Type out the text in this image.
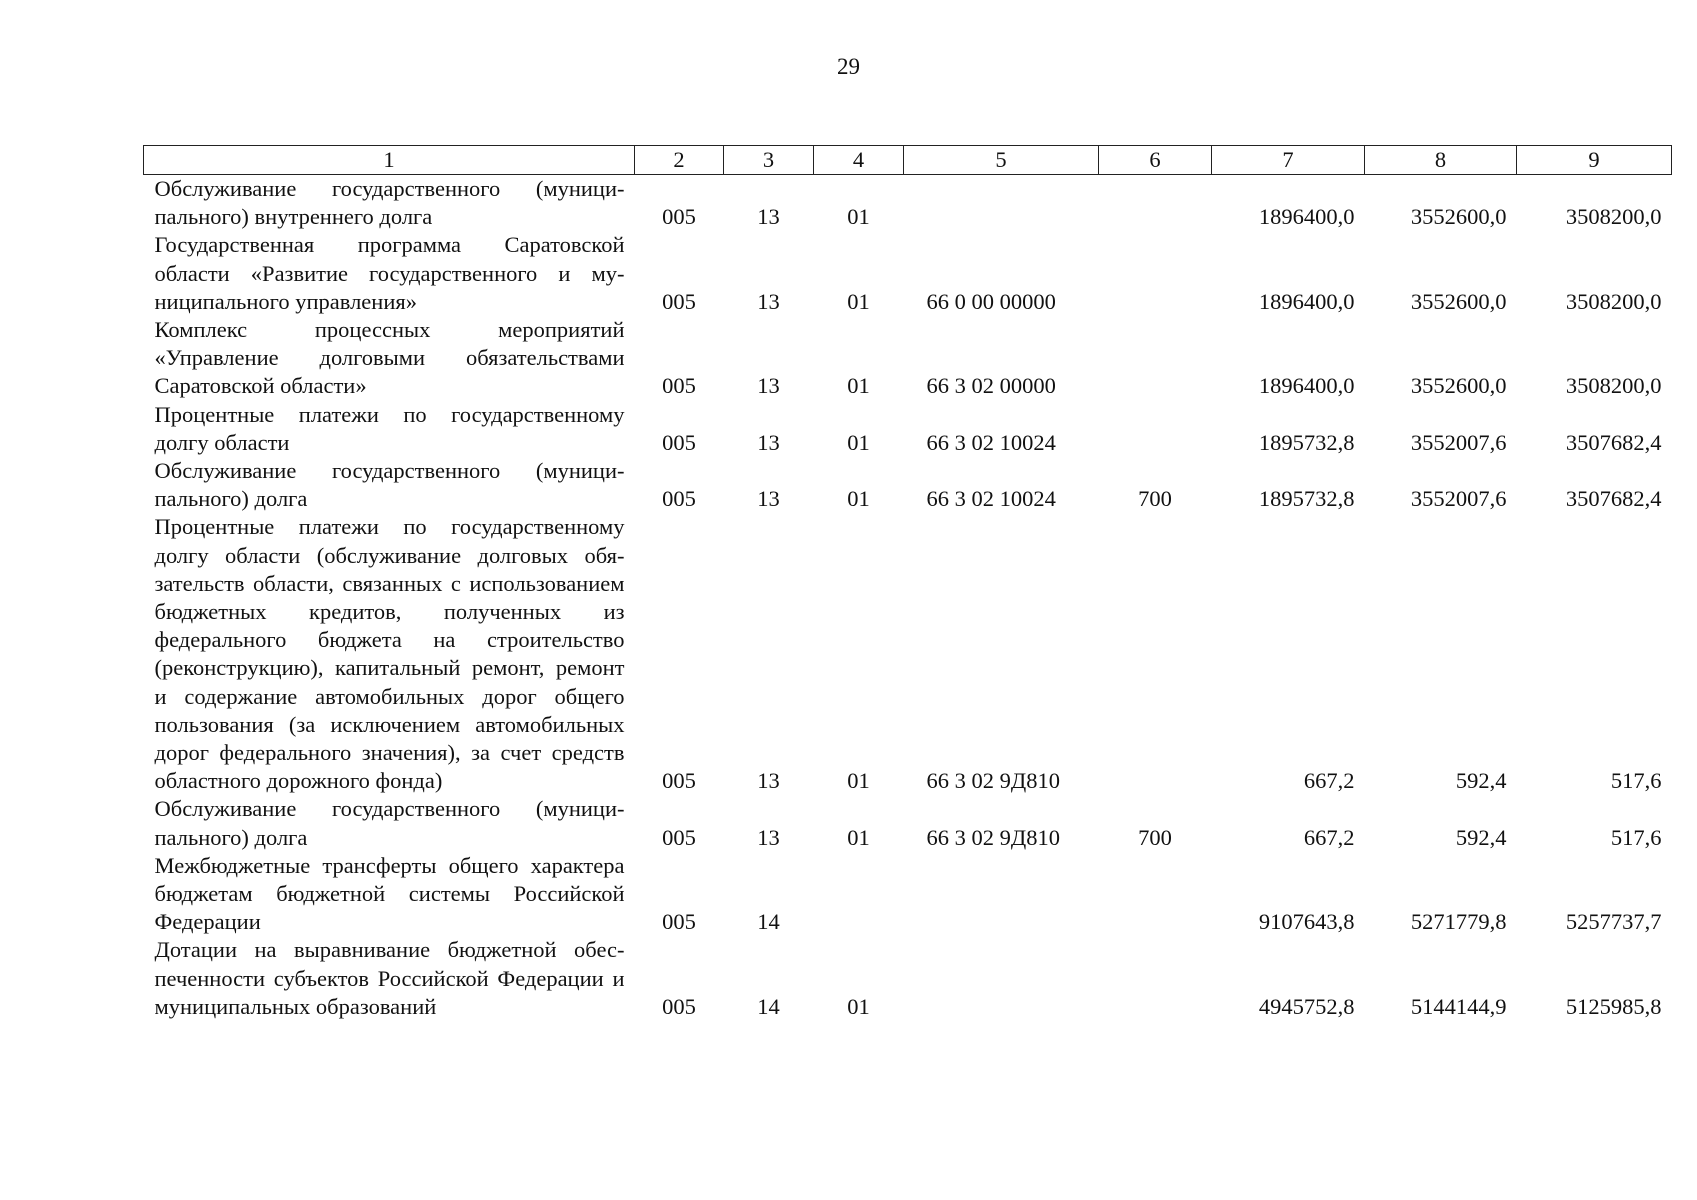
29
1	2	3	4	5	6	7	8	9
Обслуживание государственного (муниципального) внутреннего долга	005	13	01			1896400,0	3552600,0	3508200,0
Государственная программа Саратовской области «Развитие государственного и муниципального управления»	005	13	01	66 0 00 00000		1896400,0	3552600,0	3508200,0
Комплекс процессных мероприятий «Управление долговыми обязательствами Саратовской области»	005	13	01	66 3 02 00000		1896400,0	3552600,0	3508200,0
Процентные платежи по государственному долгу области	005	13	01	66 3 02 10024		1895732,8	3552007,6	3507682,4
Обслуживание государственного (муниципального) долга	005	13	01	66 3 02 10024	700	1895732,8	3552007,6	3507682,4
Процентные платежи по государственному долгу области (обслуживание долговых обязательств области, связанных с использованием бюджетных кредитов, полученных из федерального бюджета на строительство (реконструкцию), капитальный ремонт, ремонт и содержание автомобильных дорог общего пользования (за исключением автомобильных дорог федерального значения), за счет средств областного дорожного фонда)	005	13	01	66 3 02 9Д810		667,2	592,4	517,6
Обслуживание государственного (муниципального) долга	005	13	01	66 3 02 9Д810	700	667,2	592,4	517,6
Межбюджетные трансферты общего характера бюджетам бюджетной системы Российской Федерации	005	14				9107643,8	5271779,8	5257737,7
Дотации на выравнивание бюджетной обеспеченности субъектов Российской Федерации и муниципальных образований	005	14	01			4945752,8	5144144,9	5125985,8
